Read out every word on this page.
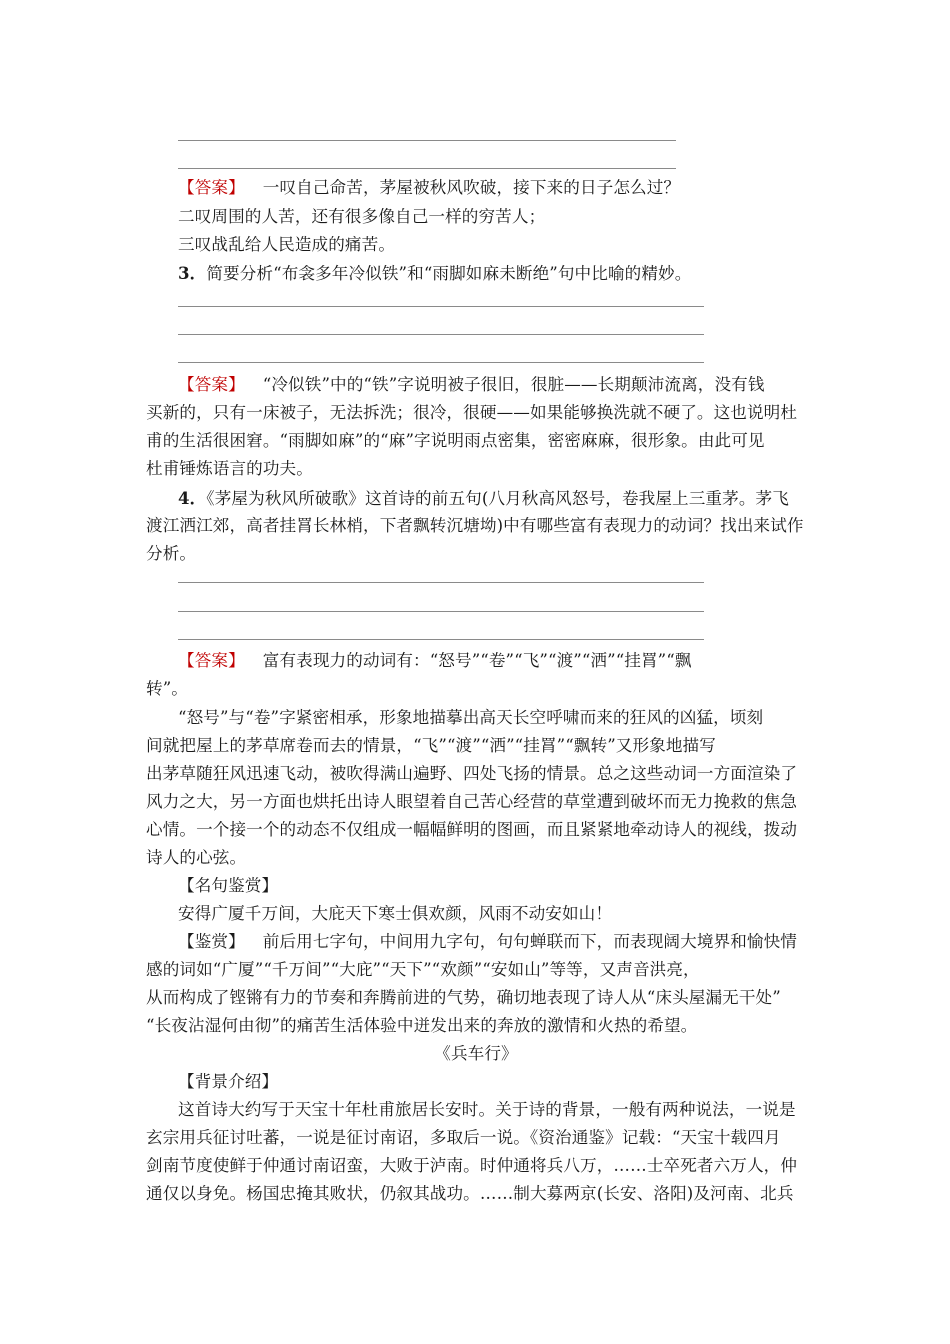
【答案】 一叹自己命苦，茅屋被秋风吹破，接下来的日子怎么过？
二叹周围的人苦，还有很多像自己一样的穷苦人；
三叹战乱给人民造成的痛苦。
3．简要分析“布衾多年冷似铁”和“雨脚如麻未断绝”句中比喻的精妙。
【答案】 “冷似铁”中的“铁”字说明被子很旧，很脏——长期颠沛流离，没有钱
买新的，只有一床被子，无法拆洗；很冷，很硬——如果能够换洗就不硬了。这也说明杜
甫的生活很困窘。“雨脚如麻”的“麻”字说明雨点密集，密密麻麻，很形象。由此可见
杜甫锤炼语言的功夫。
4．《茅屋为秋风所破歌》这首诗的前五句(八月秋高风怒号，卷我屋上三重茅。茅飞
渡江洒江郊，高者挂罥长林梢，下者飘转沉塘坳)中有哪些富有表现力的动词？找出来试作
分析。
【答案】 富有表现力的动词有：“怒号”“卷”“飞”“渡”“洒”“挂罥”“飘
转”。
“怒号”与“卷”字紧密相承，形象地描摹出高天长空呼啸而来的狂风的凶猛，顷刻
间就把屋上的茅草席卷而去的情景，“飞”“渡”“洒”“挂罥”“飘转”又形象地描写
出茅草随狂风迅速飞动，被吹得满山遍野、四处飞扬的情景。总之这些动词一方面渲染了
风力之大，另一方面也烘托出诗人眼望着自己苦心经营的草堂遭到破坏而无力挽救的焦急
心情。一个接一个的动态不仅组成一幅幅鲜明的图画，而且紧紧地牵动诗人的视线，拨动
诗人的心弦。
【名句鉴赏】
安得广厦千万间，大庇天下寒士俱欢颜，风雨不动安如山！
【鉴赏】 前后用七字句，中间用九字句，句句蝉联而下，而表现阔大境界和愉快情
感的词如“广厦”“千万间”“大庇”“天下”“欢颜”“安如山”等等，又声音洪亮，
从而构成了铿锵有力的节奏和奔腾前进的气势，确切地表现了诗人从“床头屋漏无干处”
“长夜沾湿何由彻”的痛苦生活体验中迸发出来的奔放的激情和火热的希望。
《兵车行》
【背景介绍】
这首诗大约写于天宝十年杜甫旅居长安时。关于诗的背景，一般有两种说法，一说是
玄宗用兵征讨吐蕃，一说是征讨南诏，多取后一说。《资治通鉴》记载：“天宝十载四月
剑南节度使鲜于仲通讨南诏蛮，大败于泸南。时仲通将兵八万，……士卒死者六万人，仲
通仅以身免。杨国忠掩其败状，仍叙其战功。……制大募两京(长安、洛阳)及河南、北兵
